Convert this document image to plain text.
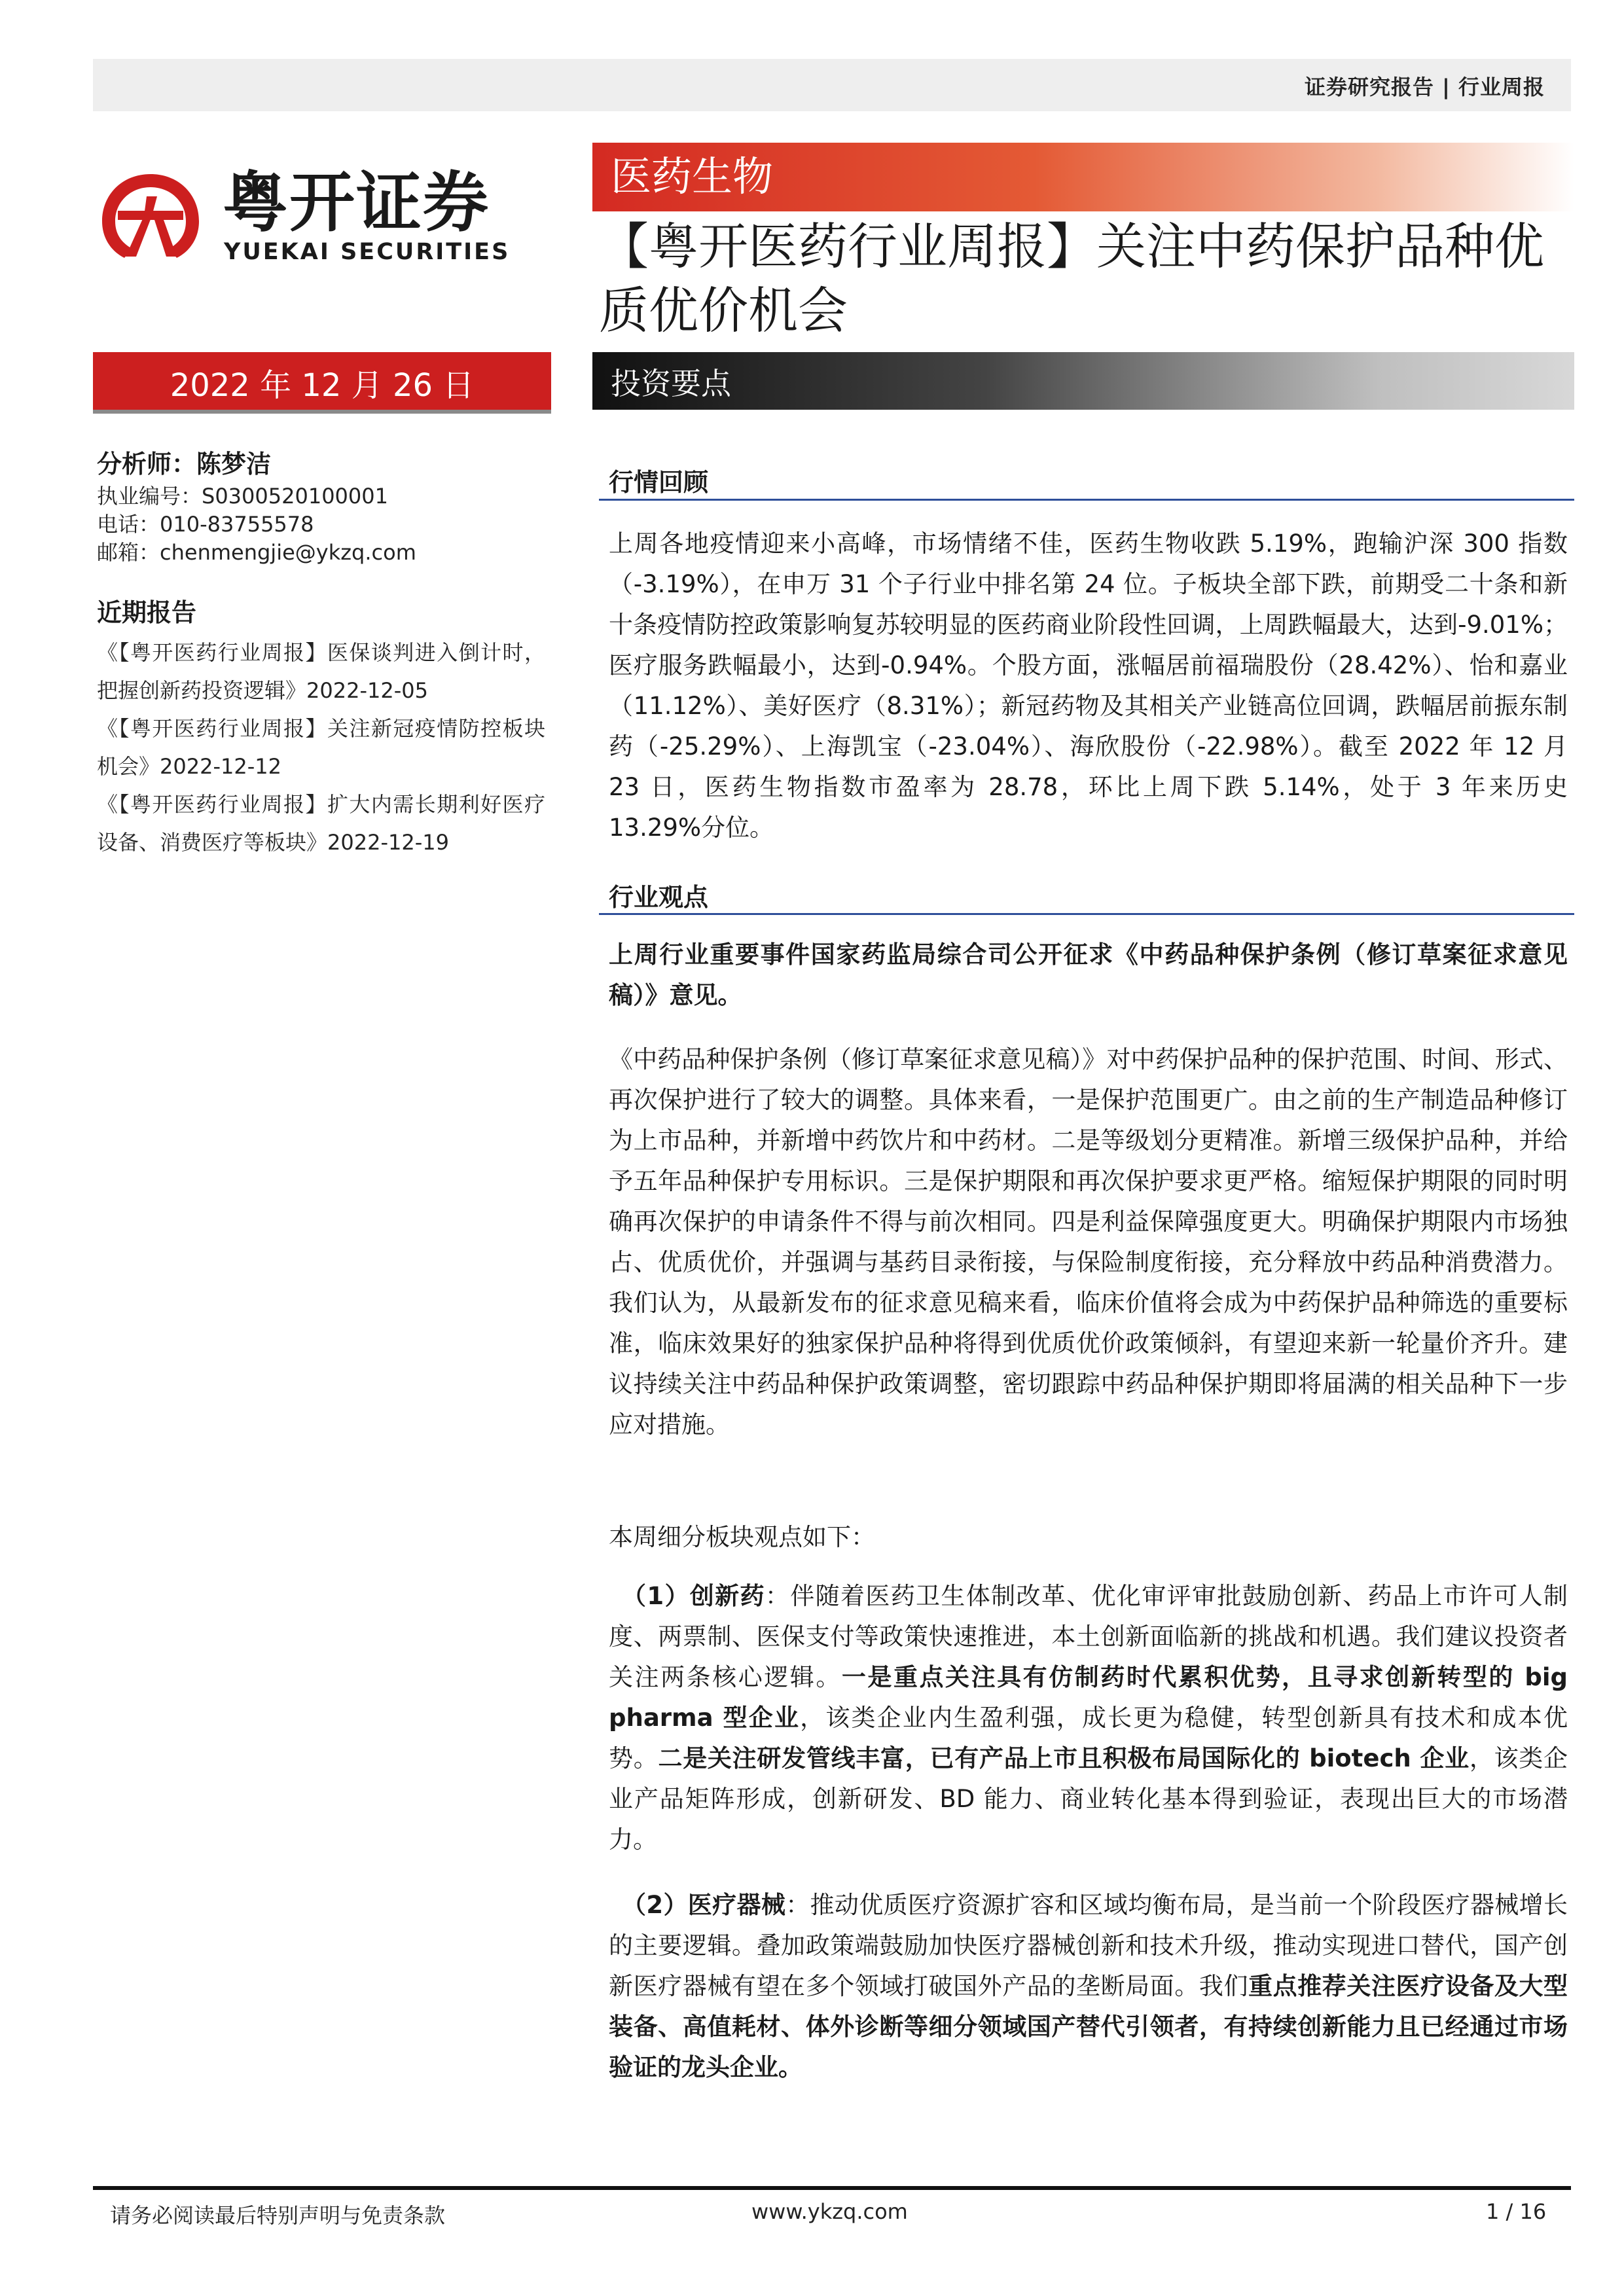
证券研究报告 | 行业周报
粤开证券
YUEKAI SECURITIES
医药生物
【粤开医药行业周报】关注中药保护品种优质优价机会
2022 年 12 月 26 日	投资要点
分析师：陈梦洁
执业编号：S0300520100001
电话：010-83755578
邮箱：chenmengjie@ykzq.com
近期报告
《【粤开医药行业周报】医保谈判进入倒计时，把握创新药投资逻辑》2022-12-05
《【粤开医药行业周报】关注新冠疫情防控板块机会》2022-12-12
《【粤开医药行业周报】扩大内需长期利好医疗设备、消费医疗等板块》2022-12-19
行情回顾
上周各地疫情迎来小高峰，市场情绪不佳，医药生物收跌 5.19%，跑输沪深 300 指数（-3.19%），在申万 31 个子行业中排名第 24 位。子板块全部下跌，前期受二十条和新十条疫情防控政策影响复苏较明显的医药商业阶段性回调，上周跌幅最大，达到-9.01%；医疗服务跌幅最小，达到-0.94%。个股方面，涨幅居前福瑞股份（28.42%）、怡和嘉业（11.12%）、美好医疗（8.31%）；新冠药物及其相关产业链高位回调，跌幅居前振东制药（-25.29%）、上海凯宝（-23.04%）、海欣股份（-22.98%）。截至 2022 年 12 月 23 日，医药生物指数市盈率为 28.78，环比上周下跌 5.14%，处于 3 年来历史 13.29%分位。
行业观点
上周行业重要事件国家药监局综合司公开征求《中药品种保护条例（修订草案征求意见稿）》意见。
《中药品种保护条例（修订草案征求意见稿）》对中药保护品种的保护范围、时间、形式、再次保护进行了较大的调整。具体来看，一是保护范围更广。由之前的生产制造品种修订为上市品种，并新增中药饮片和中药材。二是等级划分更精准。新增三级保护品种，并给予五年品种保护专用标识。三是保护期限和再次保护要求更严格。缩短保护期限的同时明确再次保护的申请条件不得与前次相同。四是利益保障强度更大。明确保护期限内市场独占、优质优价，并强调与基药目录衔接，与保险制度衔接，充分释放中药品种消费潜力。我们认为，从最新发布的征求意见稿来看，临床价值将会成为中药保护品种筛选的重要标准，临床效果好的独家保护品种将得到优质优价政策倾斜，有望迎来新一轮量价齐升。建议持续关注中药品种保护政策调整，密切跟踪中药品种保护期即将届满的相关品种下一步应对措施。
本周细分板块观点如下：
（1）创新药：伴随着医药卫生体制改革、优化审评审批鼓励创新、药品上市许可人制度、两票制、医保支付等政策快速推进，本土创新面临新的挑战和机遇。我们建议投资者关注两条核心逻辑。一是重点关注具有仿制药时代累积优势，且寻求创新转型的 big pharma 型企业，该类企业内生盈利强，成长更为稳健，转型创新具有技术和成本优势。二是关注研发管线丰富，已有产品上市且积极布局国际化的 biotech 企业，该类企业产品矩阵形成，创新研发、BD 能力、商业转化基本得到验证，表现出巨大的市场潜力。
（2）医疗器械：推动优质医疗资源扩容和区域均衡布局，是当前一个阶段医疗器械增长的主要逻辑。叠加政策端鼓励加快医疗器械创新和技术升级，推动实现进口替代，国产创新医疗器械有望在多个领域打破国外产品的垄断局面。我们重点推荐关注医疗设备及大型装备、高值耗材、体外诊断等细分领域国产替代引领者，有持续创新能力且已经通过市场验证的龙头企业。
请务必阅读最后特别声明与免责条款	www.ykzq.com	1 / 16
